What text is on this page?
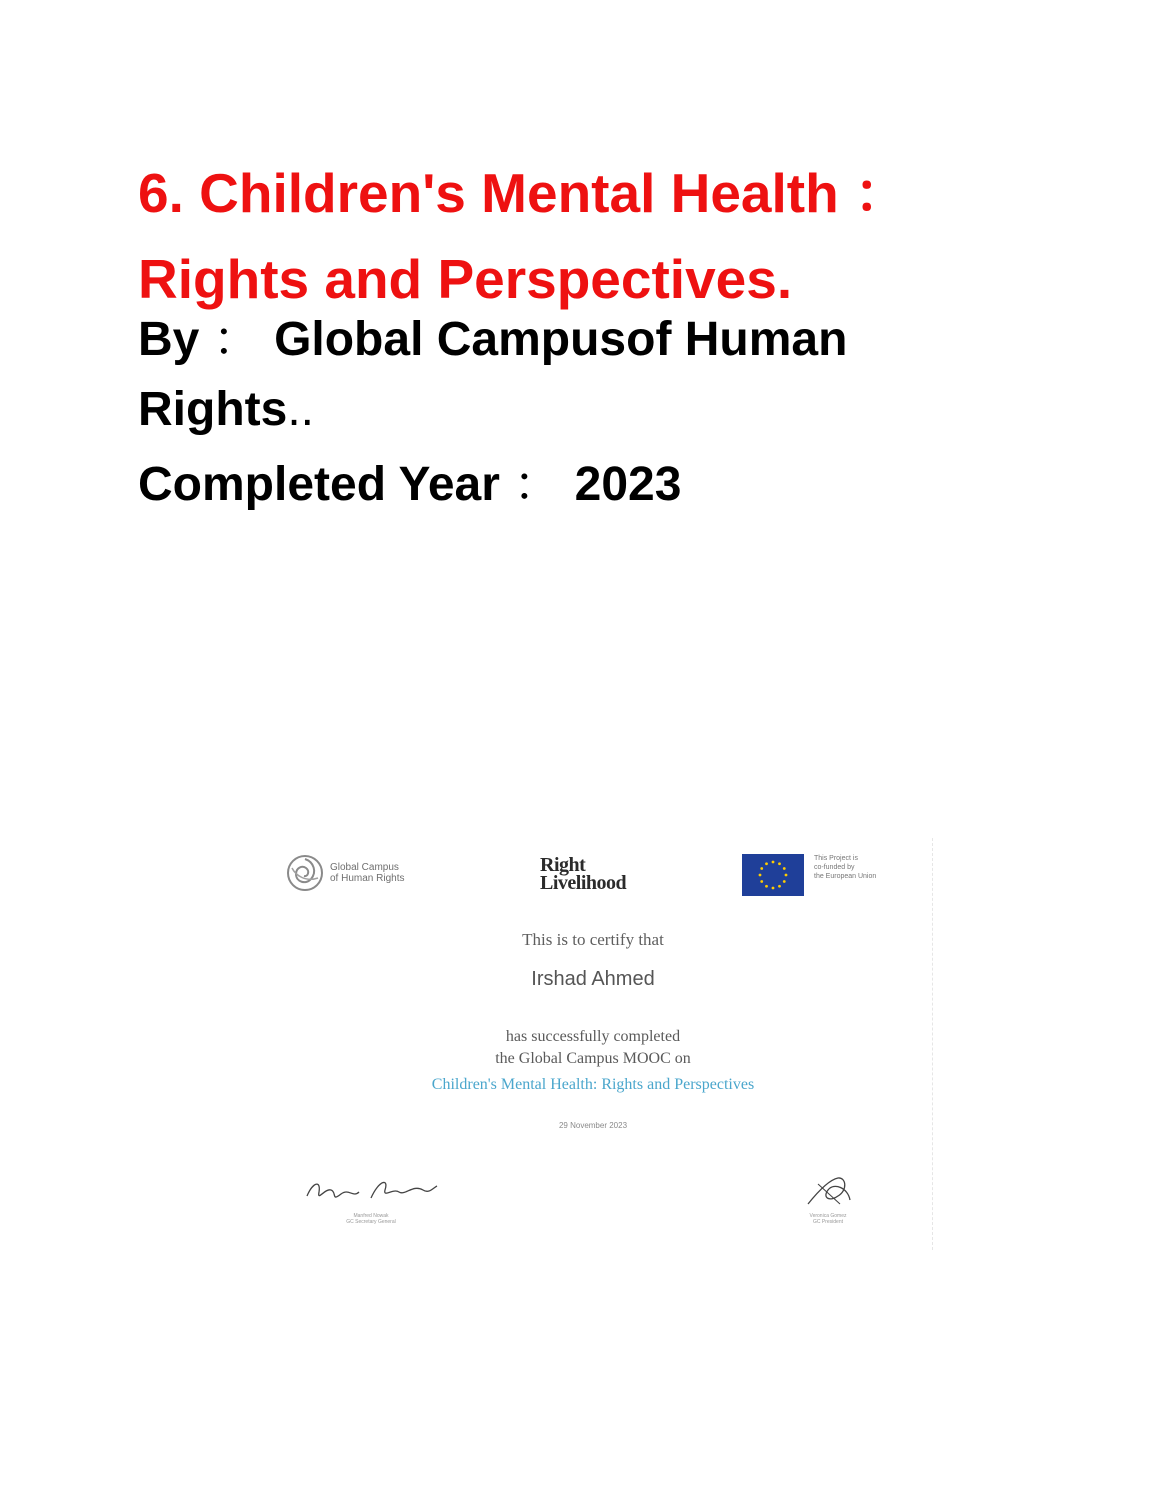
6. Children's Mental Health ：
Rights and Perspectives.

By ： Global Campusof Human
Rights..

Completed Year ： 2023

Global Campus
of Human Rights
Right
Livelihood
This Project is
co-funded by
the European Union

This is to certify that

Irshad Ahmed

has successfully completed

the Global Campus MOOC on

Children's Mental Health: Rights and Perspectives

29 November 2023

Manfred Nowak
GC Secretary General
Veronica Gomez
GC President
